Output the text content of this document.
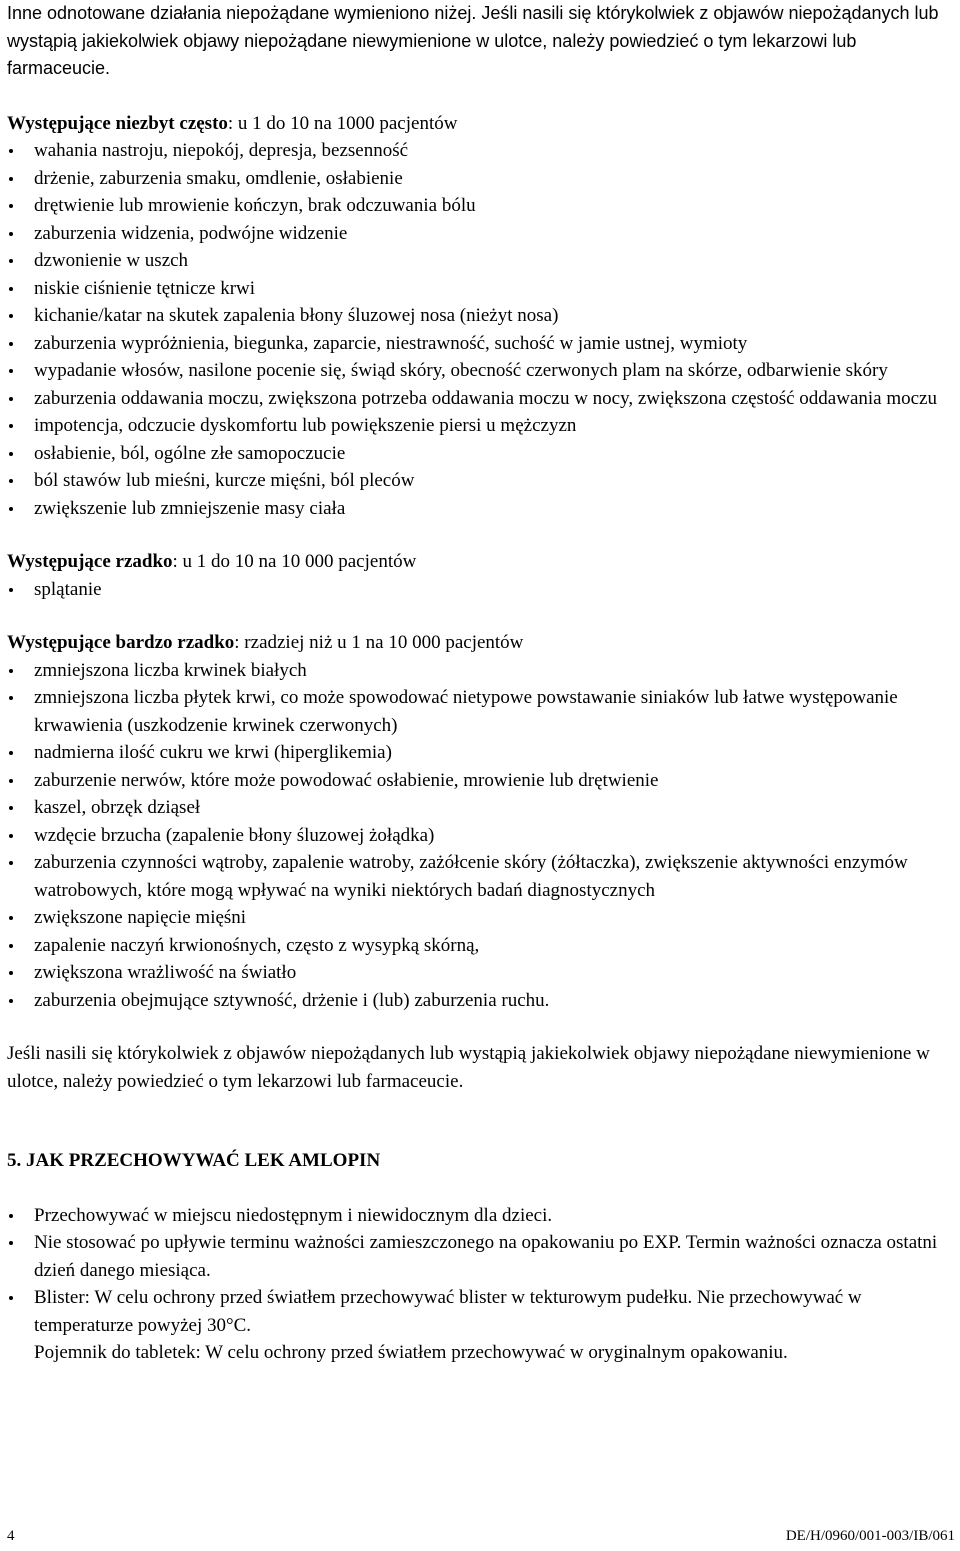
Inne odnotowane działania niepożądane wymieniono niżej. Jeśli nasili się którykolwiek z objawów niepożądanych lub wystąpią jakiekolwiek objawy niepożądane niewymienione w ulotce, należy powiedzieć o tym lekarzowi lub farmaceucie.

Występujące niezbyt często: u 1 do 10 na 1000 pacjentów

wahania nastroju, niepokój, depresja, bezsenność
drżenie, zaburzenia smaku, omdlenie, osłabienie
drętwienie lub mrowienie kończyn, brak odczuwania bólu
zaburzenia widzenia, podwójne widzenie
dzwonienie w uszch
niskie ciśnienie tętnicze krwi
kichanie/katar na skutek zapalenia błony śluzowej nosa (nieżyt nosa)
zaburzenia wypróżnienia, biegunka, zaparcie, niestrawność, suchość w jamie ustnej, wymioty
wypadanie włosów, nasilone pocenie się, świąd skóry, obecność czerwonych plam na skórze, odbarwienie skóry
zaburzenia oddawania moczu, zwiększona potrzeba oddawania moczu w nocy, zwiększona częstość oddawania moczu
impotencja, odczucie dyskomfortu lub powiększenie piersi u mężczyzn
osłabienie, ból, ogólne złe samopoczucie
ból stawów lub mieśni, kurcze mięśni, ból pleców
zwiększenie lub zmniejszenie masy ciała

Występujące rzadko: u 1 do 10 na 10 000 pacjentów

splątanie

Występujące bardzo rzadko: rzadziej niż u 1 na 10 000 pacjentów

zmniejszona liczba krwinek białych
zmniejszona liczba płytek krwi, co może spowodować nietypowe powstawanie siniaków lub łatwe występowanie krwawienia (uszkodzenie krwinek czerwonych)
nadmierna ilość cukru we krwi (hiperglikemia)
zaburzenie nerwów, które może powodować osłabienie, mrowienie lub drętwienie
kaszel, obrzęk dziąseł
wzdęcie brzucha (zapalenie błony śluzowej żołądka)
zaburzenia czynności wątroby, zapalenie watroby, zażółcenie skóry (żółtaczka), zwiększenie aktywności enzymów watrobowych, które mogą wpływać na wyniki niektórych badań diagnostycznych
zwiększone napięcie mięśni
zapalenie naczyń krwionośnych, często z wysypką skórną,
zwiększona wrażliwość na światło
zaburzenia obejmujące sztywność, drżenie i (lub) zaburzenia ruchu.

Jeśli nasili się którykolwiek z objawów niepożądanych lub wystąpią jakiekolwiek objawy niepożądane niewymienione w ulotce, należy powiedzieć o tym lekarzowi lub farmaceucie.

5. JAK PRZECHOWYWAĆ LEK AMLOPIN

Przechowywać w miejscu niedostępnym i niewidocznym dla dzieci.
Nie stosować po upływie terminu ważności zamieszczonego na opakowaniu po EXP. Termin ważności oznacza ostatni dzień danego miesiąca.
Blister: W celu ochrony przed światłem przechowywać blister w tekturowym pudełku. Nie przechowywać w temperaturze powyżej 30°C.
Pojemnik do tabletek: W celu ochrony przed światłem przechowywać w oryginalnym opakowaniu.
4	DE/H/0960/001-003/IB/061
